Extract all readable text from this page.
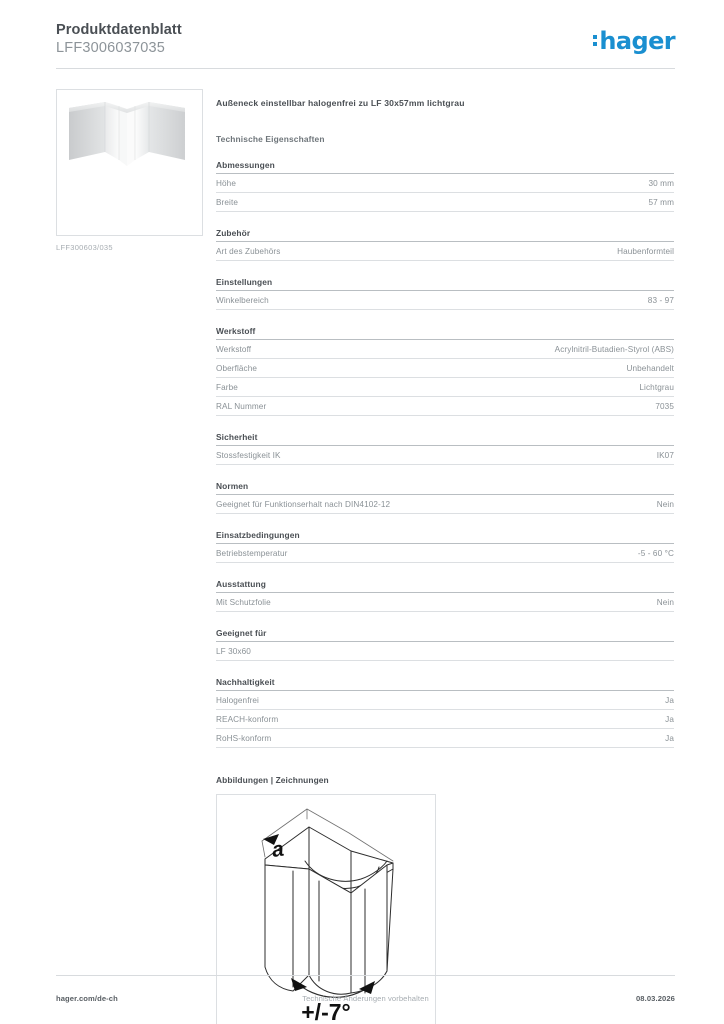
Produktdatenblatt
LFF3006037035	hager
LFF300603/035
Außeneck einstellbar halogenfrei zu LF 30x57mm lichtgrau
Technische Eigenschaften
Abmessungen
Höhe	30 mm
Breite	57 mm
Zubehör
Art des Zubehörs	Haubenformteil
Einstellungen
Winkelbereich	83 - 97
Werkstoff
Werkstoff	Acrylnitril-Butadien-Styrol (ABS)
Oberfläche	Unbehandelt
Farbe	Lichtgrau
RAL Nummer	7035
Sicherheit
Stossfestigkeit IK	IK07
Normen
Geeignet für Funktionserhalt nach DIN4102-12	Nein
Einsatzbedingungen
Betriebstemperatur	-5 - 60 °C
Ausstattung
Mit Schutzfolie	Nein
Geeignet für
LF 30x60
Nachhaltigkeit
Halogenfrei	Ja
REACH-konform	Ja
RoHS-konform	Ja
Abbildungen | Zeichnungen
a
+/-7°
hager.com/de-ch	Technische Änderungen vorbehalten	08.03.2026
